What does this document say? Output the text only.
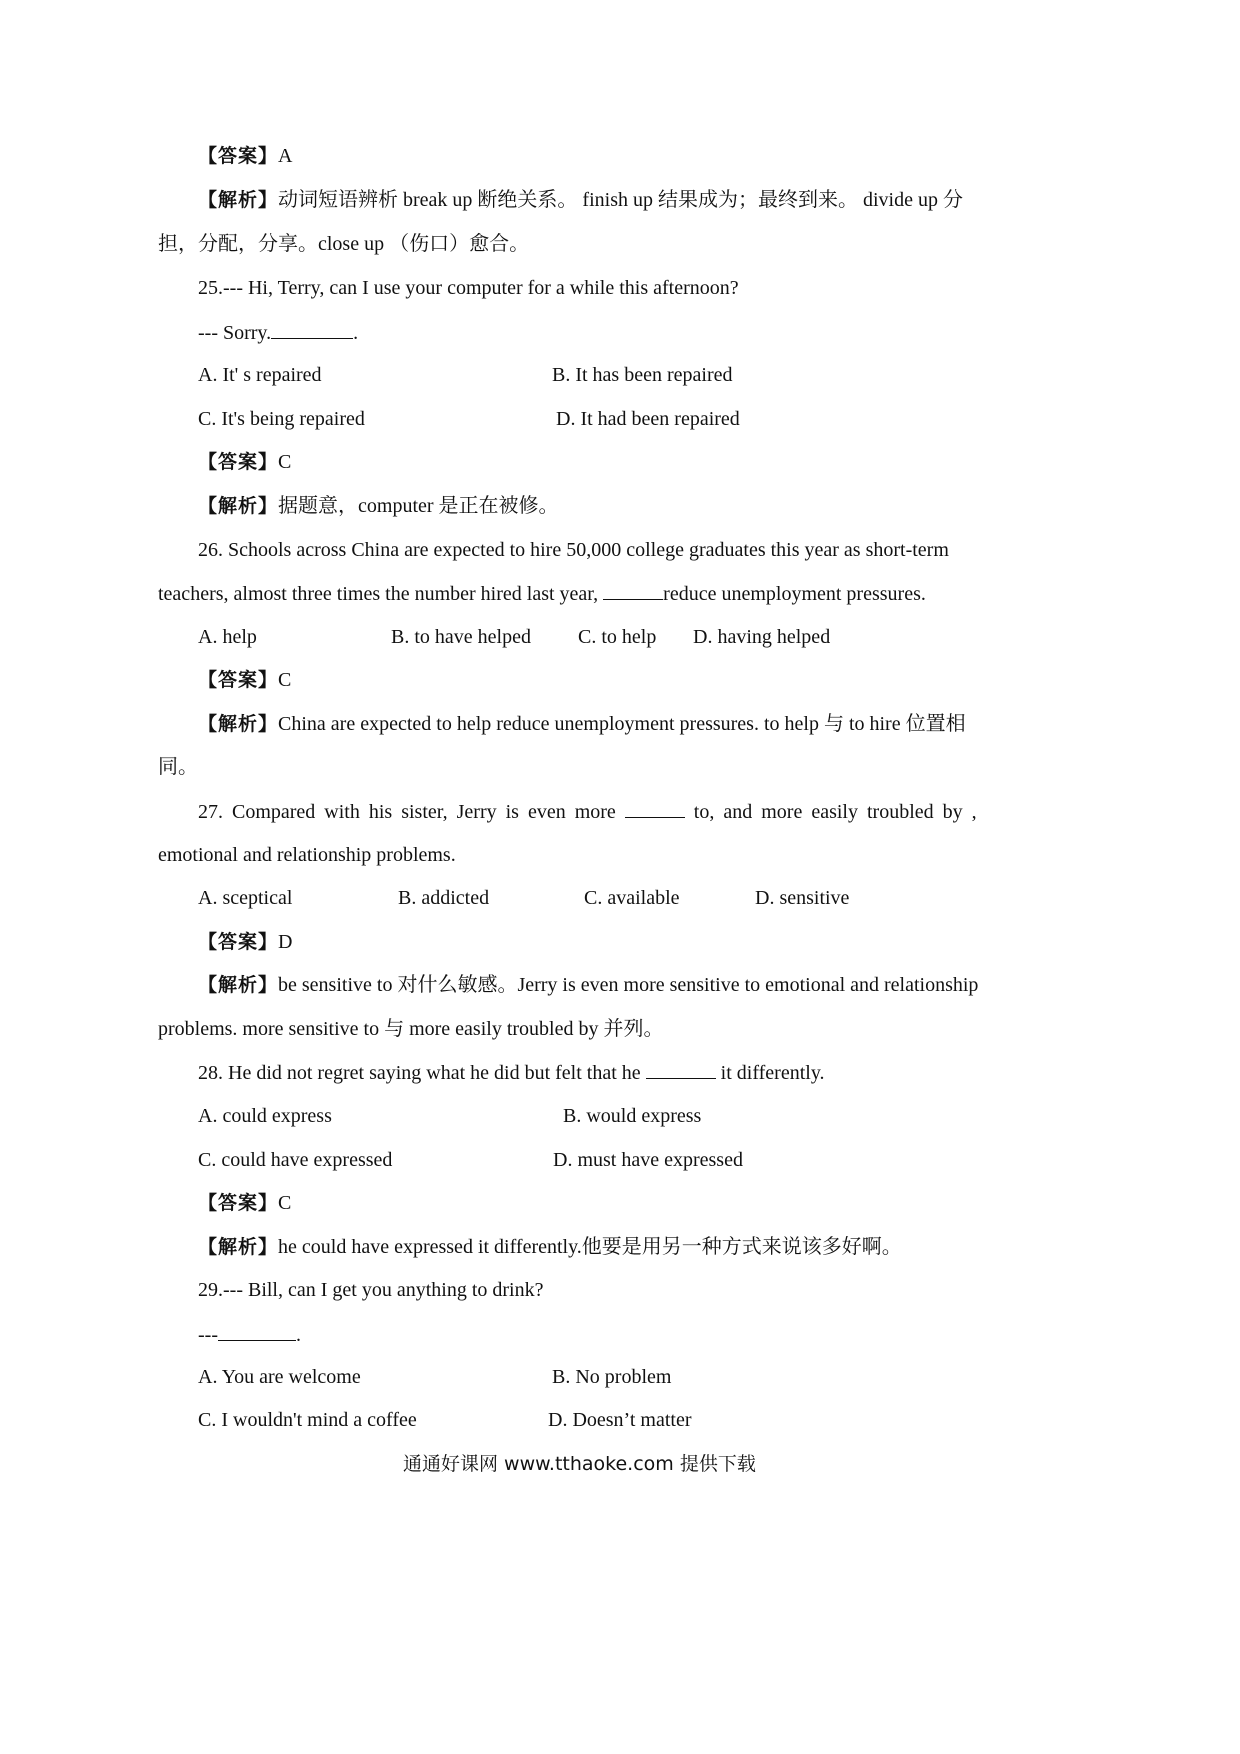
【答案】A
【解析】动词短语辨析 break up 断绝关系。 finish up 结果成为；最终到来。 divide up 分
担，分配，分享。close up （伤口）愈合。
25.--- Hi, Terry, can I use your computer for a while this afternoon?
--- Sorry.	.
A. It' s repaired	B. It has been repaired
C. It's being repaired	D. It had been repaired
【答案】C
【解析】据题意，computer 是正在被修。
26. Schools across China are expected to hire 50,000 college graduates this year as short-term
teachers, almost three times the number hired last year,	reduce unemployment pressures.
A. help	B. to have helped C. to help D. having helped
【答案】C
【解析】China are expected to help reduce unemployment pressures. to help 与 to hire 位置相
同。
27. Compared with his sister, Jerry is even more	to, and more easily troubled by ,
emotional and relationship problems.
A. sceptical	B. addicted	C. available	D. sensitive
【答案】D
【解析】be sensitive to 对什么敏感。Jerry is even more sensitive to emotional and relationship
problems. more sensitive to 与 more easily troubled by 并列。
28. He did not regret saying what he did but felt that he	it differently.
A. could express	B. would express
C. could have expressed	D. must have expressed
【答案】C
【解析】he could have expressed it differently.他要是用另一种方式来说该多好啊。
29.--- Bill, can I get you anything to drink?
---	.
A. You are welcome	B. No problem
C. I wouldn't mind a coffee	D. Doesn’t matter
通通好课网 www.tthaoke.com 提供下载
